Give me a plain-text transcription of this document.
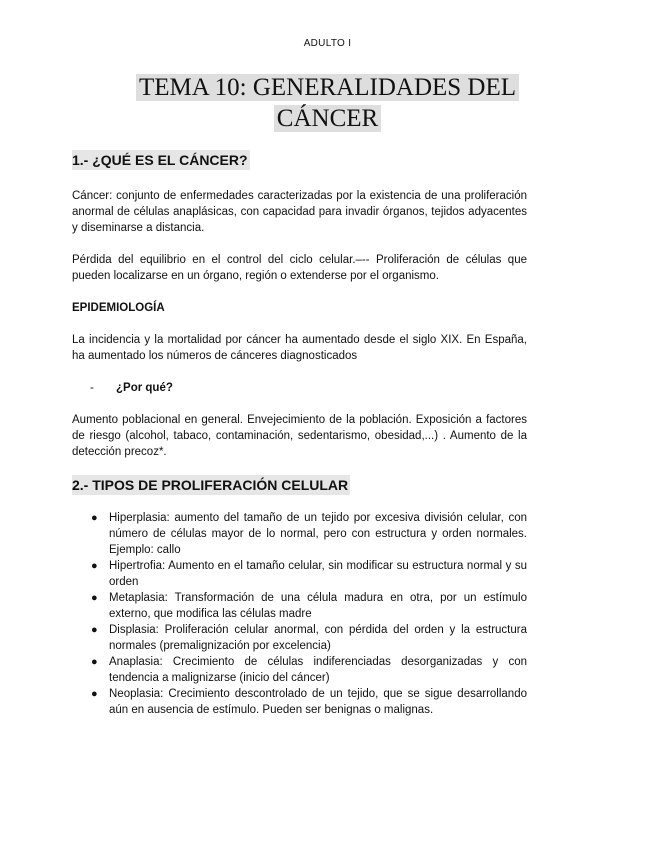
ADULTO I
TEMA 10: GENERALIDADES DEL
CÁNCER
1.- ¿QUÉ ES EL CÁNCER?

Cáncer: conjunto de enfermedades caracterizadas por la existencia de una proliferación anormal de células anaplásicas, con capacidad para invadir órganos, tejidos adyacentes y diseminarse a distancia.

Pérdida del equilibrio en el control del ciclo celular.–-- Proliferación de células que pueden localizarse en un órgano, región o extenderse por el organismo.

EPIDEMIOLOGÍA

La incidencia y la mortalidad por cáncer ha aumentado desde el siglo XIX. En España, ha aumentado los números de cánceres diagnosticados

- ¿Por qué?

Aumento poblacional en general. Envejecimiento de la población. Exposición a factores de riesgo (alcohol, tabaco, contaminación, sedentarismo, obesidad,...) . Aumento de la detección precoz*.

2.- TIPOS DE PROLIFERACIÓN CELULAR
● Hiperplasia: aumento del tamaño de un tejido por excesiva división celular, con número de células mayor de lo normal, pero con estructura y orden normales. Ejemplo: callo
● Hipertrofia: Aumento en el tamaño celular, sin modificar su estructura normal y su orden
● Metaplasia: Transformación de una célula madura en otra, por un estímulo externo, que modifica las células madre
● Displasia: Proliferación celular anormal, con pérdida del orden y la estructura normales (premalignización por excelencia)
● Anaplasia: Crecimiento de células indiferenciadas desorganizadas y con tendencia a malignizarse (inicio del cáncer)
● Neoplasia: Crecimiento descontrolado de un tejido, que se sigue desarrollando aún en ausencia de estímulo. Pueden ser benignas o malignas.
